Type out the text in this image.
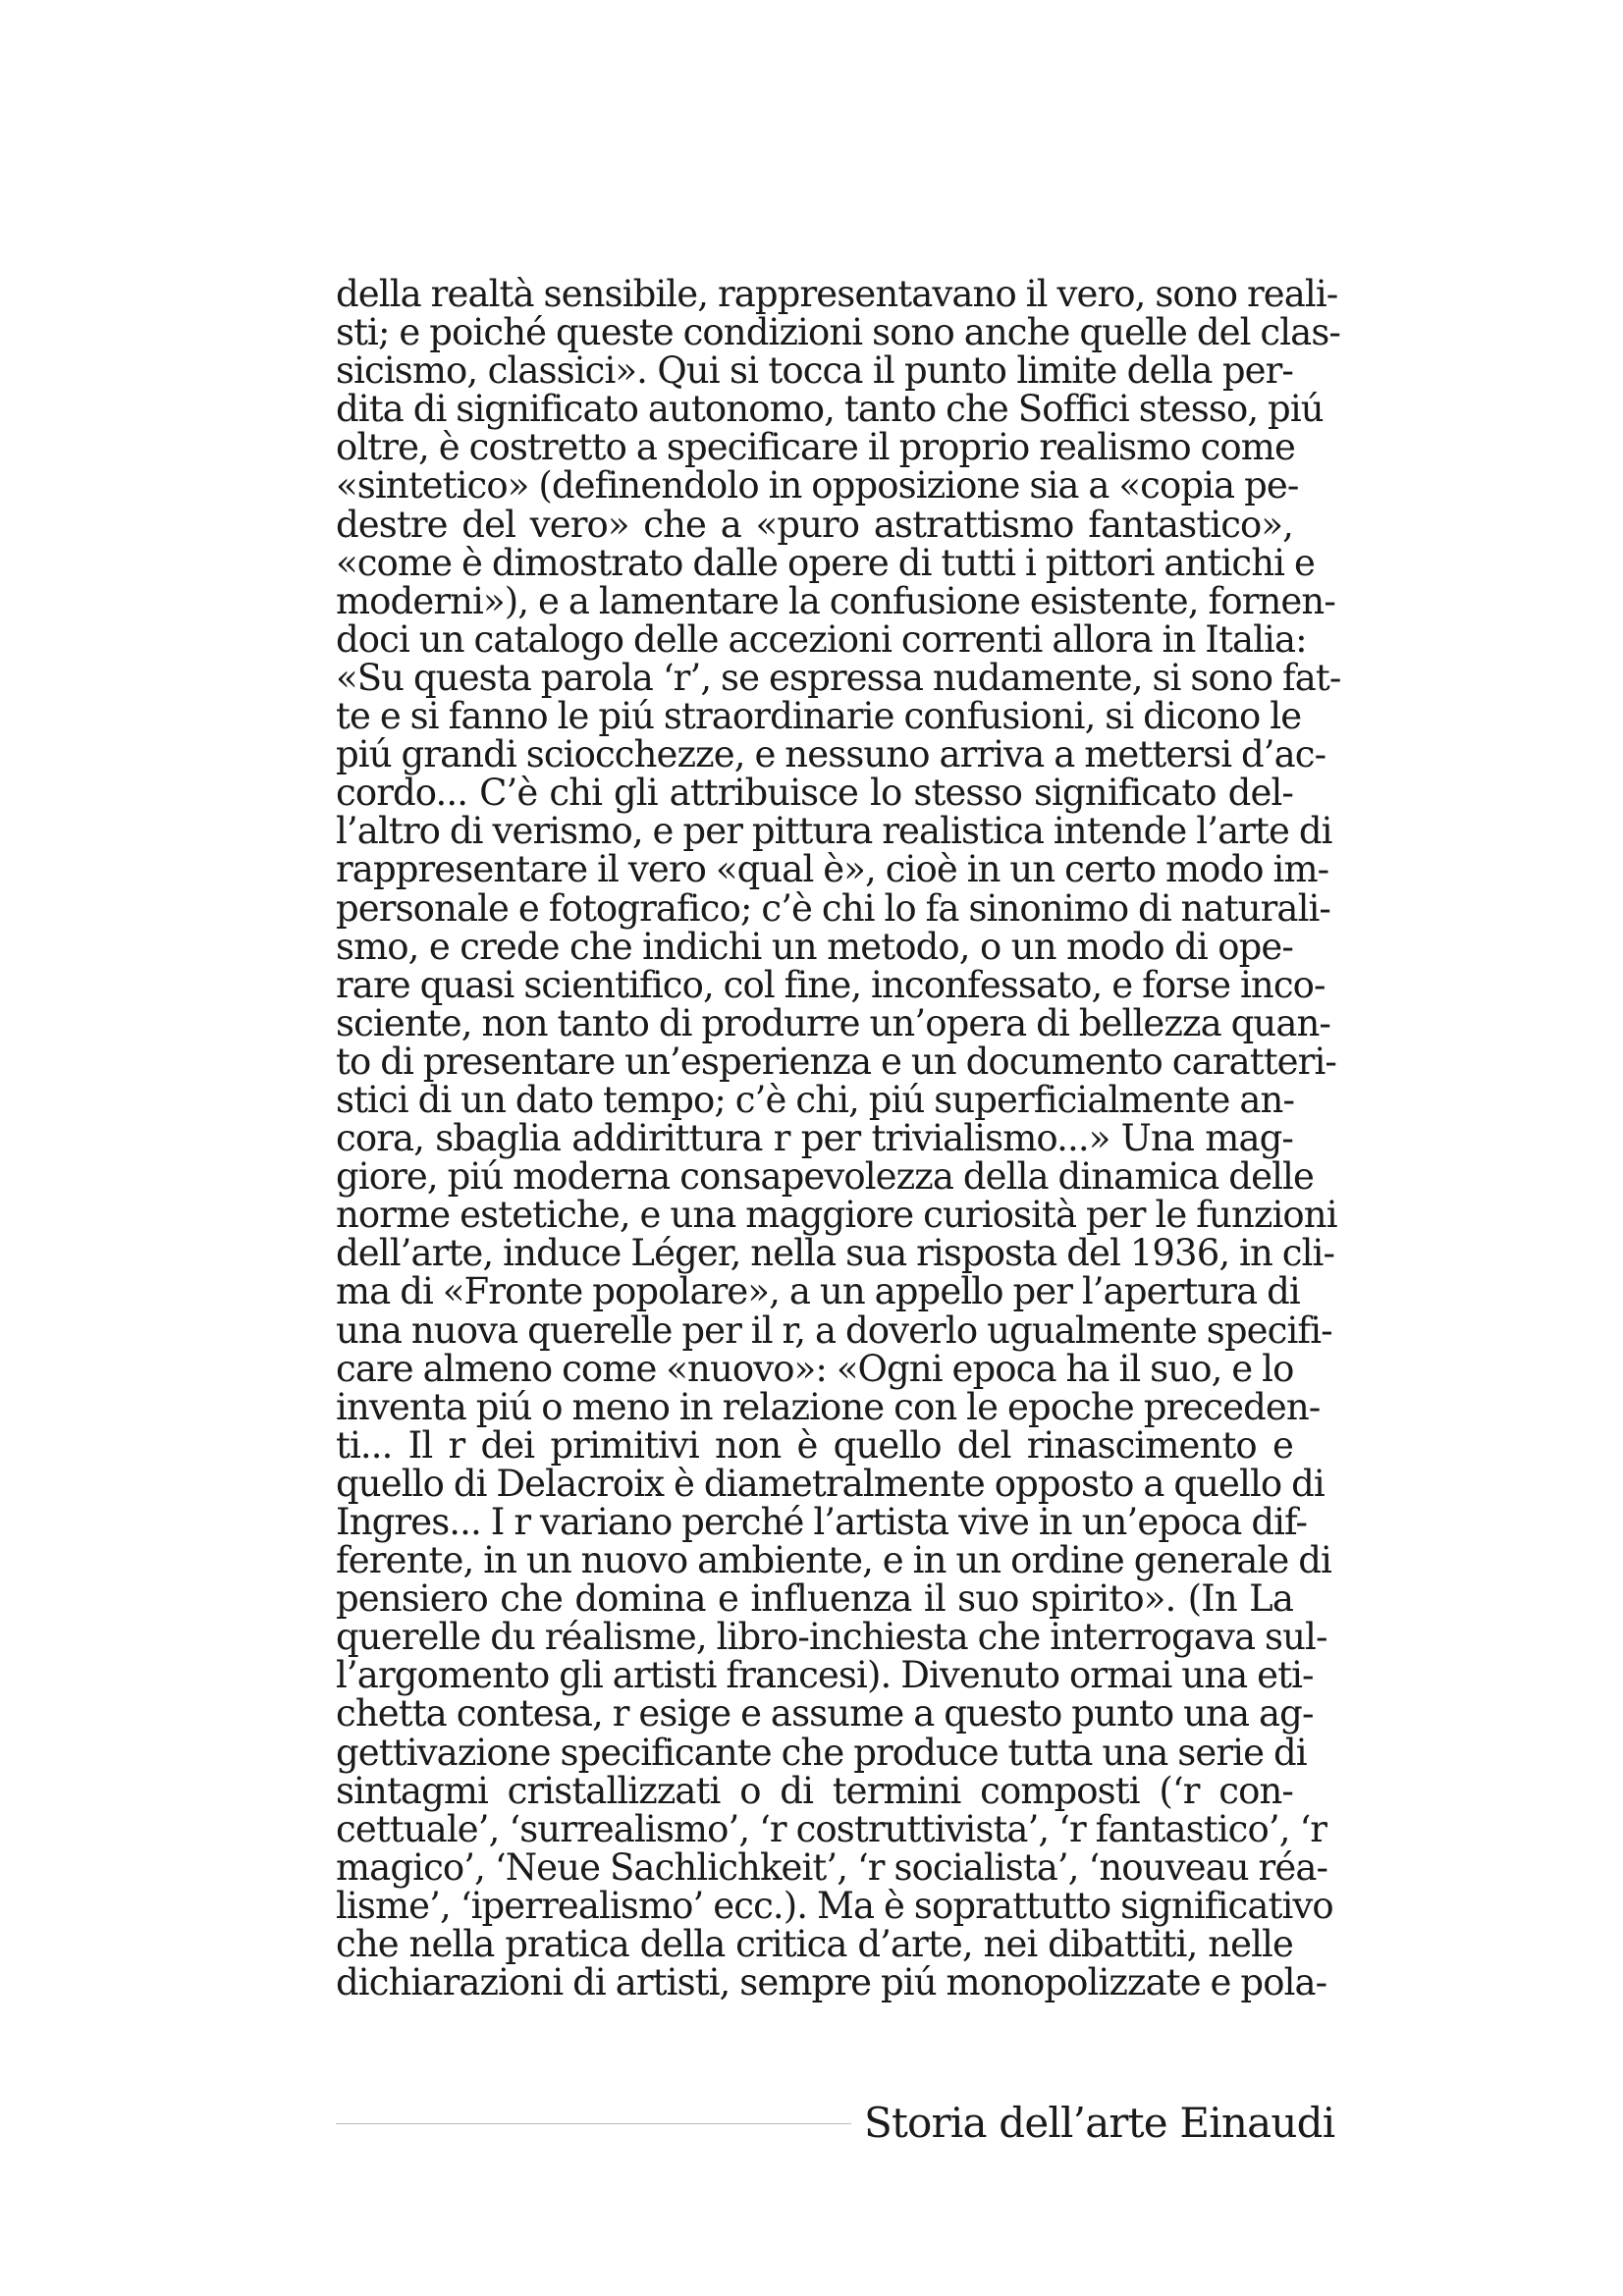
della realtà sensibile, rappresentavano il vero, sono reali-
sti; e poiché queste condizioni sono anche quelle del clas-
sicismo, classici». Qui si tocca il punto limite della per-
dita di significato autonomo, tanto che Soffici stesso, piú
oltre, è costretto a specificare il proprio realismo come
«sintetico» (definendolo in opposizione sia a «copia pe-
destre del vero» che a «puro astrattismo fantastico»,
«come è dimostrato dalle opere di tutti i pittori antichi e
moderni»), e a lamentare la confusione esistente, fornen-
doci un catalogo delle accezioni correnti allora in Italia:
«Su questa parola ‘r’, se espressa nudamente, si sono fat-
te e si fanno le piú straordinarie confusioni, si dicono le
piú grandi sciocchezze, e nessuno arriva a mettersi d’ac-
cordo... C’è chi gli attribuisce lo stesso significato del-
l’altro di verismo, e per pittura realistica intende l’arte di
rappresentare il vero «qual è», cioè in un certo modo im-
personale e fotografico; c’è chi lo fa sinonimo di naturali-
smo, e crede che indichi un metodo, o un modo di ope-
rare quasi scientifico, col fine, inconfessato, e forse inco-
sciente, non tanto di produrre un’opera di bellezza quan-
to di presentare un’esperienza e un documento caratteri-
stici di un dato tempo; c’è chi, piú superficialmente an-
cora, sbaglia addirittura r per trivialismo...» Una mag-
giore, piú moderna consapevolezza della dinamica delle
norme estetiche, e una maggiore curiosità per le funzioni
dell’arte, induce Léger, nella sua risposta del 1936, in cli-
ma di «Fronte popolare», a un appello per l’apertura di
una nuova querelle per il r, a doverlo ugualmente specifi-
care almeno come «nuovo»: «Ogni epoca ha il suo, e lo
inventa piú o meno in relazione con le epoche preceden-
ti... Il r dei primitivi non è quello del rinascimento e
quello di Delacroix è diametralmente opposto a quello di
Ingres... I r variano perché l’artista vive in un’epoca dif-
ferente, in un nuovo ambiente, e in un ordine generale di
pensiero che domina e influenza il suo spirito». (In La
querelle du réalisme, libro-inchiesta che interrogava sul-
l’argomento gli artisti francesi). Divenuto ormai una eti-
chetta contesa, r esige e assume a questo punto una ag-
gettivazione specificante che produce tutta una serie di
sintagmi cristallizzati o di termini composti (‘r con-
cettuale’, ‘surrealismo’, ‘r costruttivista’, ‘r fantastico’, ‘r
magico’, ‘Neue Sachlichkeit’, ‘r socialista’, ‘nouveau réa-
lisme’, ‘iperrealismo’ ecc.). Ma è soprattutto significativo
che nella pratica della critica d’arte, nei dibattiti, nelle
dichiarazioni di artisti, sempre piú monopolizzate e pola-
Storia dell’arte Einaudi
